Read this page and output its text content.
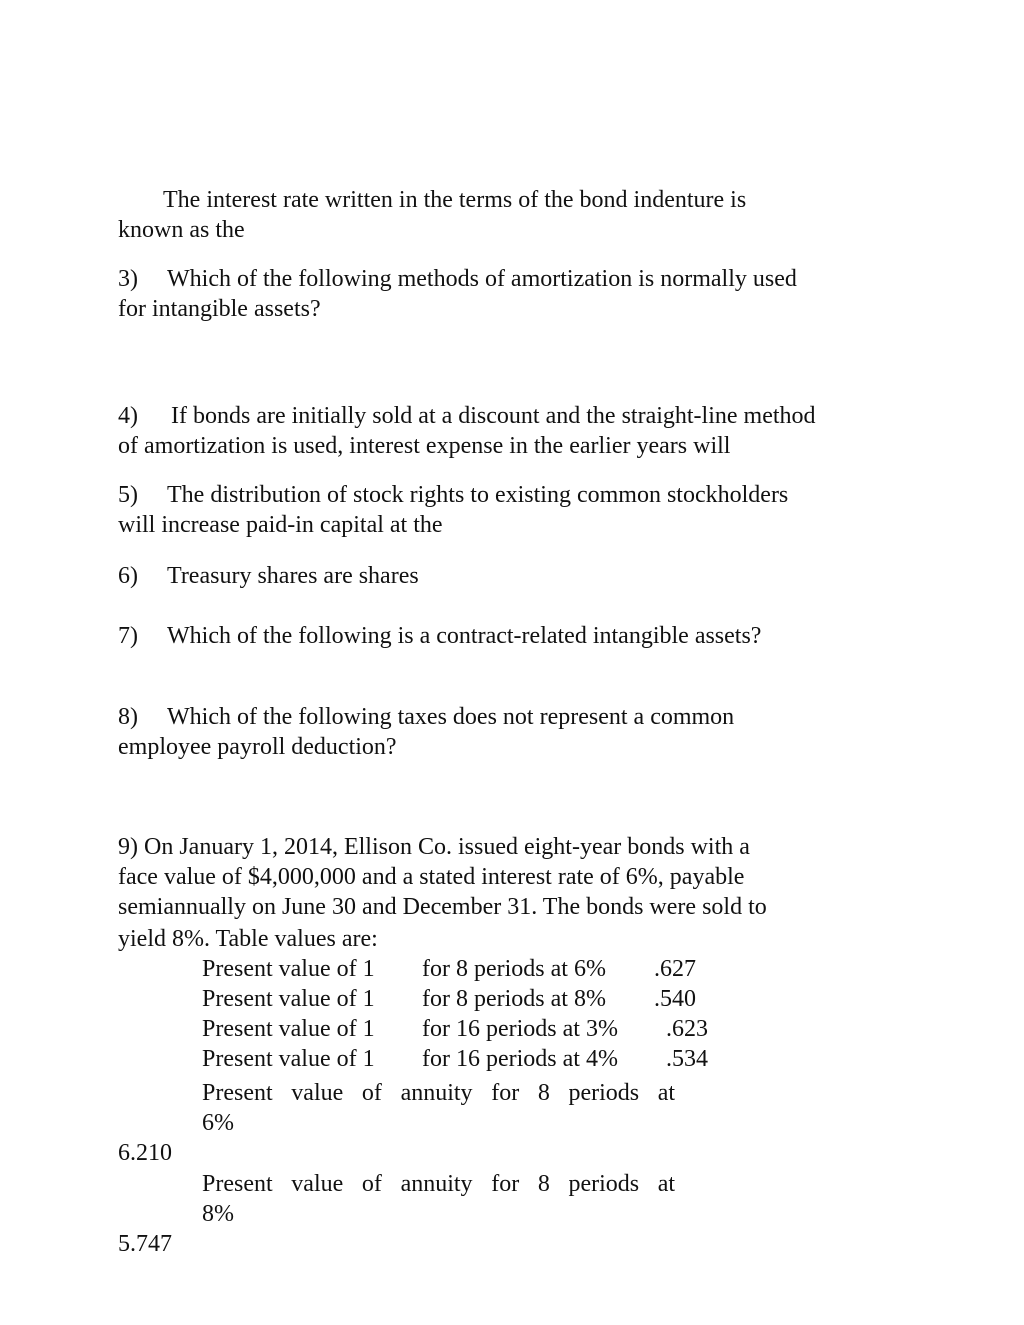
The interest rate written in the terms of the bond indenture is
known as the
3) Which of the following methods of amortization is normally used
for intangible assets?
4) If bonds are initially sold at a discount and the straight-line method
of amortization is used, interest expense in the earlier years will
5) The distribution of stock rights to existing common stockholders
will increase paid-in capital at the
6) Treasury shares are shares
7) Which of the following is a contract-related intangible assets?
8) Which of the following taxes does not represent a common
employee payroll deduction?
9) On January 1, 2014, Ellison Co. issued eight-year bonds with a
face value of $4,000,000 and a stated interest rate of 6%, payable
semiannually on June 30 and December 31. The bonds were sold to
yield 8%. Table values are:
Present value of 1 for 8 periods at 6% .627
Present value of 1 for 8 periods at 8% .540
Present value of 1 for 16 periods at 3% .623
Present value of 1 for 16 periods at 4% .534
Present value of annuity for 8 periods at
6%
6.210
Present value of annuity for 8 periods at
8%
5.747
